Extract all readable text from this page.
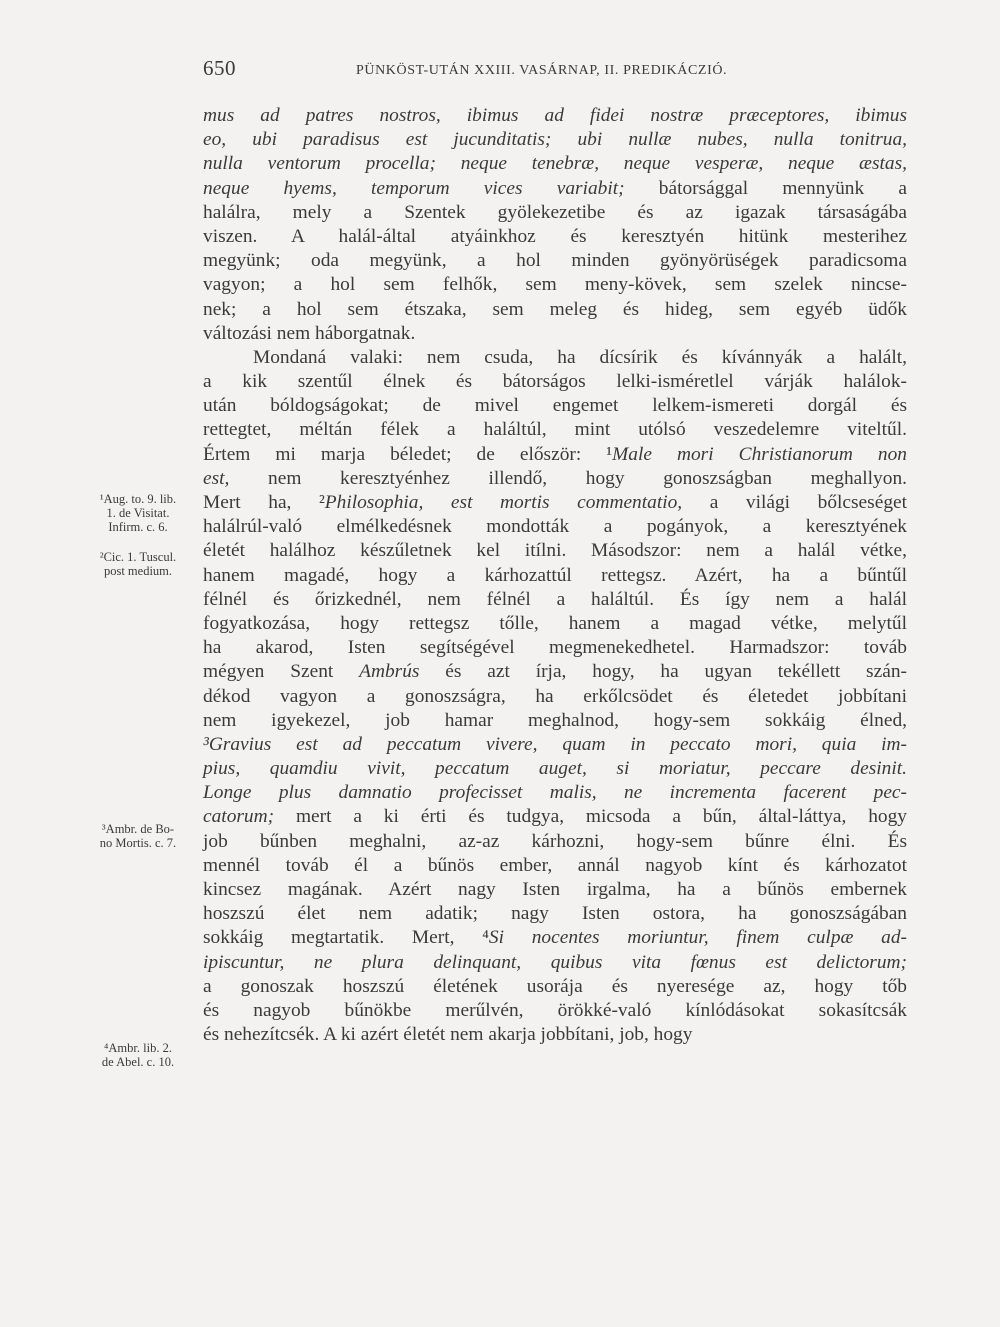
650	PÜNKÖST-UTÁN XXIII. VASÁRNAP, II. PREDIKÁCZIÓ.
mus ad patres nostros, ibimus ad fidei nostræ præceptores, ibimus
eo, ubi paradisus est jucunditatis; ubi nullæ nubes, nulla tonitrua,
nulla ventorum procella; neque tenebræ, neque vesperæ, neque æstas,
neque hyems, temporum vices variabit; bátorsággal mennyünk a
halálra, mely a Szentek gyölekezetibe és az igazak társaságába
viszen. A halál-által atyáinkhoz és keresztyén hitünk mesterihez
megyünk; oda megyünk, a hol minden gyönyörüségek paradicsoma
vagyon; a hol sem felhők, sem meny-kövek, sem szelek nincse-
nek; a hol sem étszaka, sem meleg és hideg, sem egyéb üdők
változási nem háborgatnak.
Mondaná valaki: nem csuda, ha dícsírik és kívánnyák a halált,
a kik szentűl élnek és bátorságos lelki-isméretlel várják halálok-
után bóldogságokat; de mivel engemet lelkem-ismereti dorgál és
rettegtet, méltán félek a haláltúl, mint utólsó veszedelemre viteltűl.
Értem mi marja béledet; de először: ¹Male mori Christianorum non
est, nem keresztyénhez illendő, hogy gonoszságban meghallyon.
Mert ha, ²Philosophia, est mortis commentatio, a világi bőlcseséget
halálrúl-való elmélkedésnek mondották a pogányok, a keresztyének
életét halálhoz készűletnek kel itílni. Másodszor: nem a halál vétke,
hanem magadé, hogy a kárhozattúl rettegsz. Azért, ha a bűntűl
félnél és őrizkednél, nem félnél a haláltúl. És így nem a halál
fogyatkozása, hogy rettegsz tőlle, hanem a magad vétke, melytűl
ha akarod, Isten segítségével megmenekedhetel. Harmadszor: továb
mégyen Szent Ambrús és azt írja, hogy, ha ugyan tekéllett szán-
dékod vagyon a gonoszságra, ha erkőlcsödet és életedet jobbítani
nem igyekezel, job hamar meghalnod, hogy-sem sokkáig élned,
³Gravius est ad peccatum vivere, quam in peccato mori, quia im-
pius, quamdiu vivit, peccatum auget, si moriatur, peccare desinit.
Longe plus damnatio profecisset malis, ne incrementa facerent pec-
catorum; mert a ki érti és tudgya, micsoda a bűn, által-láttya, hogy
job bűnben meghalni, az-az kárhozni, hogy-sem bűnre élni. És
mennél továb él a bűnös ember, annál nagyob kínt és kárhozatot
kincsez magának. Azért nagy Isten irgalma, ha a bűnös embernek
hoszszú élet nem adatik; nagy Isten ostora, ha gonoszságában
sokkáig megtartatik. Mert, ⁴Si nocentes moriuntur, finem culpæ ad-
ipiscuntur, ne plura delinquant, quibus vita fœnus est delictorum;
a gonoszak hoszszú életének usorája és nyeresége az, hogy tőb
és nagyob bűnökbe merűlvén, örökké-való kínlódásokat sokasítcsák
és nehezítcsék. A ki azért életét nem akarja jobbítani, job, hogy
¹Aug. to. 9. lib.
1. de Visitat.
Infirm. c. 6.
²Cic. 1. Tuscul.
post medium.
³Ambr. de Bo-
no Mortis. c. 7.
⁴Ambr. lib. 2.
de Abel. c. 10.
